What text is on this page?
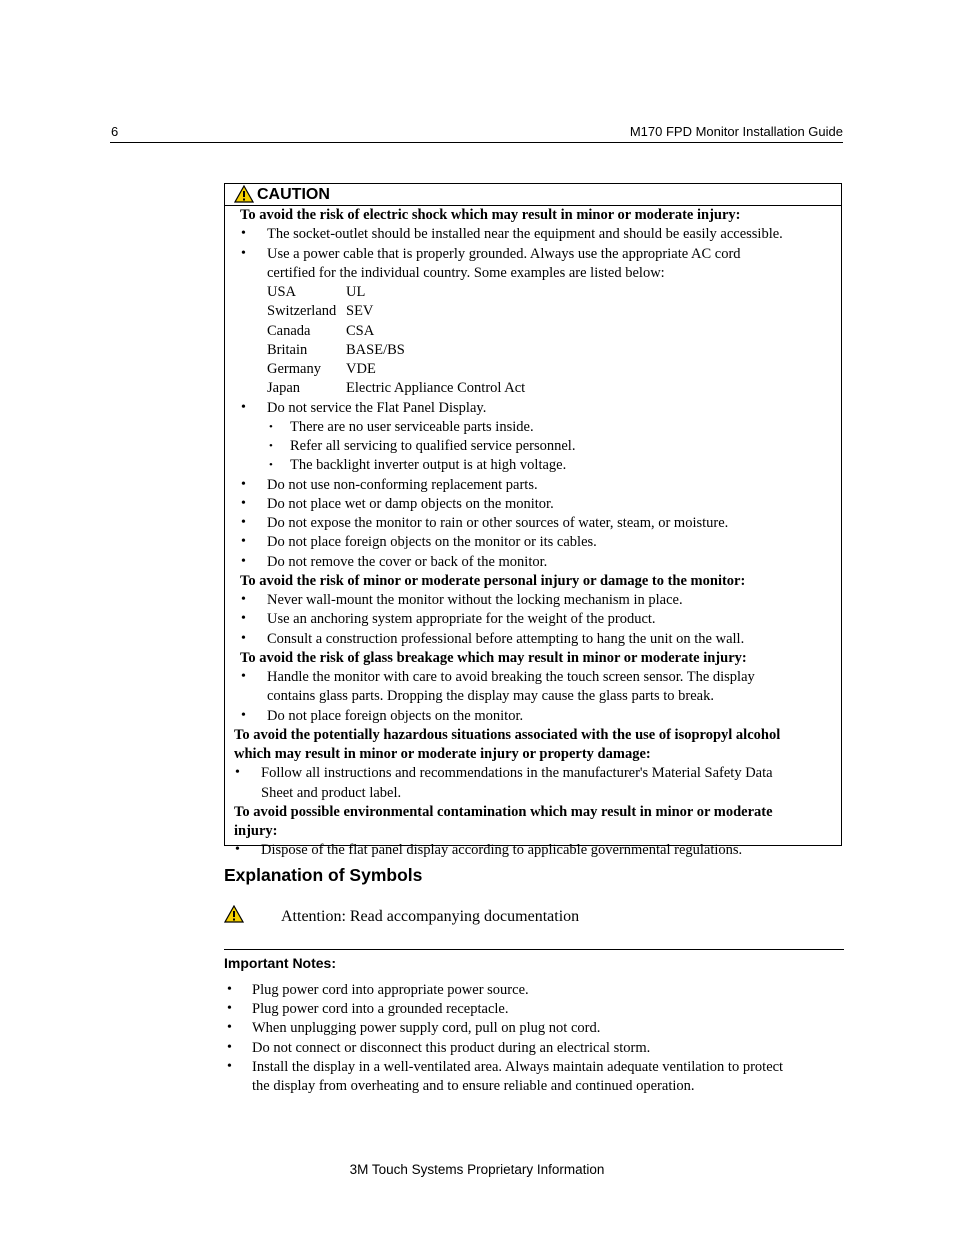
6	M170 FPD Monitor Installation Guide
CAUTION
To avoid the risk of electric shock which may result in minor or moderate injury:
• The socket-outlet should be installed near the equipment and should be easily accessible.
• Use a power cable that is properly grounded. Always use the appropriate AC cord
certified for the individual country. Some examples are listed below:
USA	UL
Switzerland SEV
Canada CSA
Britain	BASE/BS
Germany VDE
Japan	Electric Appliance Control Act
• Do not service the Flat Panel Display.
• There are no user serviceable parts inside.
• Refer all servicing to qualified service personnel.
• The backlight inverter output is at high voltage.
• Do not use non-conforming replacement parts.
• Do not place wet or damp objects on the monitor.
• Do not expose the monitor to rain or other sources of water, steam, or moisture.
• Do not place foreign objects on the monitor or its cables.
• Do not remove the cover or back of the monitor.
To avoid the risk of minor or moderate personal injury or damage to the monitor:
• Never wall-mount the monitor without the locking mechanism in place.
• Use an anchoring system appropriate for the weight of the product.
• Consult a construction professional before attempting to hang the unit on the wall.
To avoid the risk of glass breakage which may result in minor or moderate injury:
• Handle the monitor with care to avoid breaking the touch screen sensor. The display
contains glass parts. Dropping the display may cause the glass parts to break.
• Do not place foreign objects on the monitor.
To avoid the potentially hazardous situations associated with the use of isopropyl alcohol
which may result in minor or moderate injury or property damage:
• Follow all instructions and recommendations in the manufacturer's Material Safety Data
Sheet and product label.
To avoid possible environmental contamination which may result in minor or moderate
injury:
• Dispose of the flat panel display according to applicable governmental regulations.
Explanation of Symbols
Attention: Read accompanying documentation
Important Notes:
• Plug power cord into appropriate power source.
• Plug power cord into a grounded receptacle.
• When unplugging power supply cord, pull on plug not cord.
• Do not connect or disconnect this product during an electrical storm.
• Install the display in a well-ventilated area. Always maintain adequate ventilation to protect
the display from overheating and to ensure reliable and continued operation.
3M Touch Systems Proprietary Information
